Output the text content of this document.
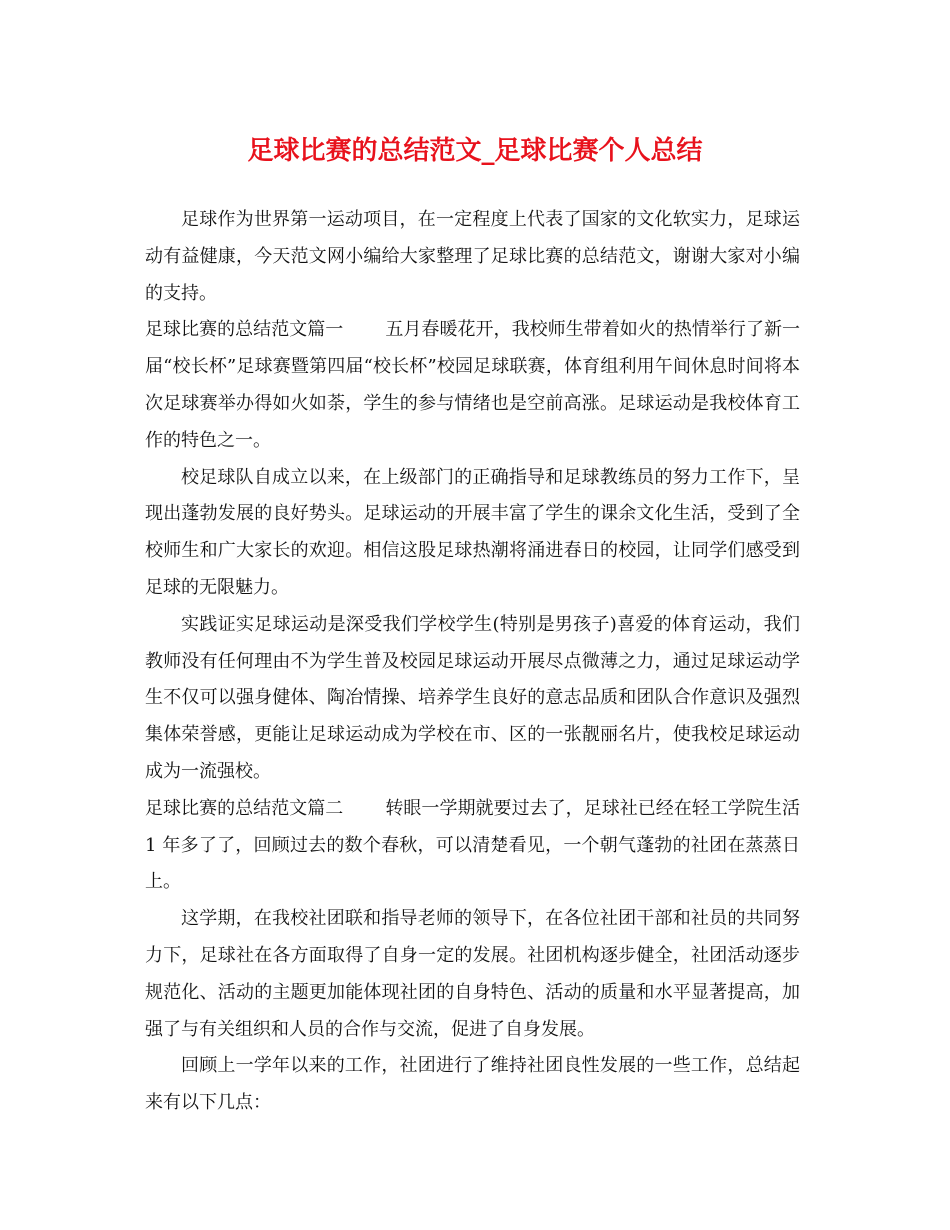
足球比赛的总结范文_足球比赛个人总结

足球作为世界第一运动项目，在一定程度上代表了国家的文化软实力，足球运动有益健康，今天范文网小编给大家整理了足球比赛的总结范文，谢谢大家对小编的支持。

足球比赛的总结范文篇一 五月春暖花开，我校师生带着如火的热情举行了新一届“校长杯”足球赛暨第四届“校长杯”校园足球联赛，体育组利用午间休息时间将本次足球赛举办得如火如荼，学生的参与情绪也是空前高涨。足球运动是我校体育工作的特色之一。

校足球队自成立以来，在上级部门的正确指导和足球教练员的努力工作下，呈现出蓬勃发展的良好势头。足球运动的开展丰富了学生的课余文化生活，受到了全校师生和广大家长的欢迎。相信这股足球热潮将涌进春日的校园，让同学们感受到足球的无限魅力。

实践证实足球运动是深受我们学校学生(特别是男孩子)喜爱的体育运动，我们教师没有任何理由不为学生普及校园足球运动开展尽点微薄之力，通过足球运动学生不仅可以强身健体、陶冶情操、培养学生良好的意志品质和团队合作意识及强烈集体荣誉感，更能让足球运动成为学校在市、区的一张靓丽名片，使我校足球运动成为一流强校。

足球比赛的总结范文篇二 转眼一学期就要过去了，足球社已经在轻工学院生活 1 年多了了，回顾过去的数个春秋，可以清楚看见，一个朝气蓬勃的社团在蒸蒸日上。

这学期，在我校社团联和指导老师的领导下，在各位社团干部和社员的共同努力下，足球社在各方面取得了自身一定的发展。社团机构逐步健全，社团活动逐步规范化、活动的主题更加能体现社团的自身特色、活动的质量和水平显著提高，加强了与有关组织和人员的合作与交流，促进了自身发展。

回顾上一学年以来的工作，社团进行了维持社团良性发展的一些工作，总结起来有以下几点：
